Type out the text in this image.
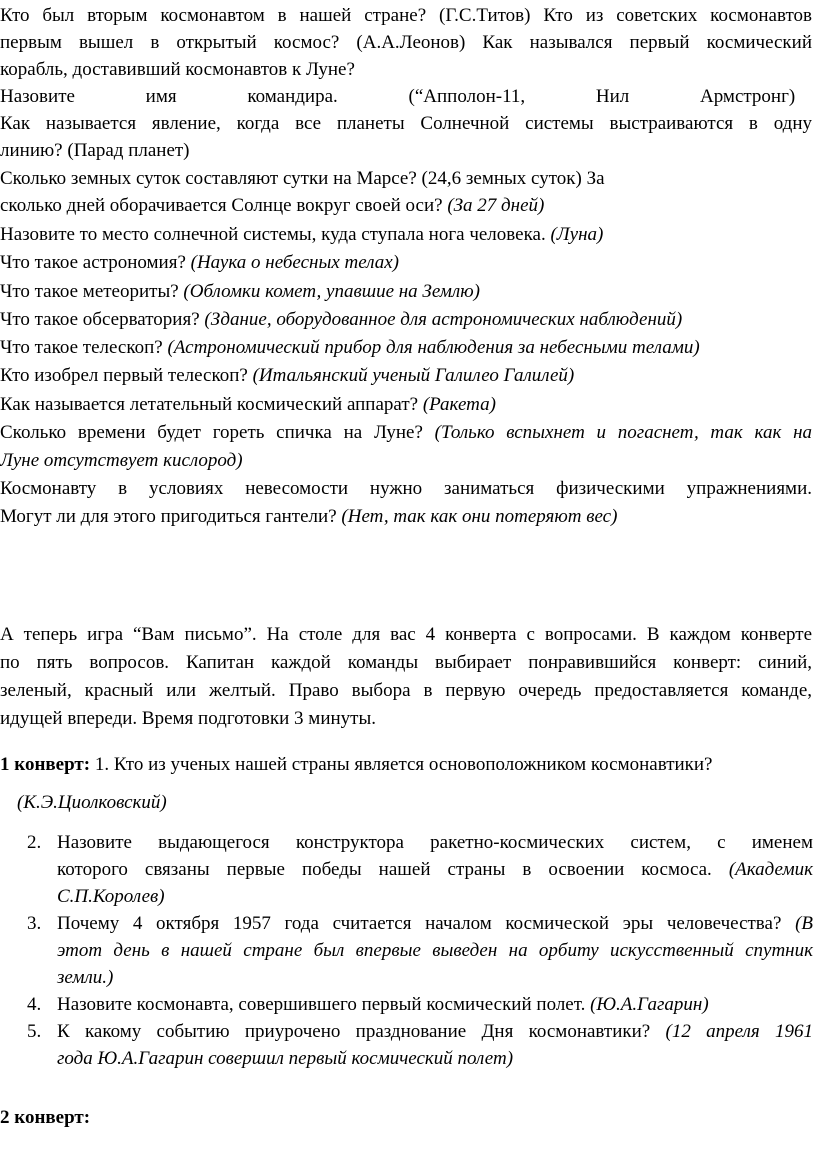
Кто был вторым космонавтом в нашей стране? (Г.С.Титов) Кто из советских космонавтов

первым вышел в открытый космос? (А.А.Леонов) Как назывался первый космический

корабль, доставивший космонавтов к Луне?

Назовите имя командира. (“Апполон-11, Нил Армстронг)

Как называется явление, когда все планеты Солнечной системы выстраиваются в одну

линию? (Парад планет)

Сколько земных суток составляют сутки на Марсе? (24,6 земных суток) За

сколько дней оборачивается Солнце вокруг своей оси? (За 27 дней)

Назовите то место солнечной системы, куда ступала нога человека. (Луна)

Что такое астрономия? (Наука о небесных телах)

Что такое метеориты? (Обломки комет, упавшие на Землю)

Что такое обсерватория? (Здание, оборудованное для астрономических наблюдений)

Что такое телескоп? (Астрономический прибор для наблюдения за небесными телами)

Кто изобрел первый телескоп? (Итальянский ученый Галилео Галилей)

Как называется летательный космический аппарат? (Ракета)

Сколько времени будет гореть спичка на Луне? (Только вспыхнет и погаснет, так как на

Луне отсутствует кислород)

Космонавту в условиях невесомости нужно заниматься физическими упражнениями.

Могут ли для этого пригодиться гантели? (Нет, так как они потеряют вес)

А теперь игра “Вам письмо”. На столе для вас 4 конверта с вопросами. В каждом конверте

по пять вопросов. Капитан каждой команды выбирает понравившийся конверт: синий,

зеленый, красный или желтый. Право выбора в первую очередь предоставляется команде,

идущей впереди. Время подготовки 3 минуты.

1 конверт: 1. Кто из ученых нашей страны является основоположником космонавтики?

(К.Э.Циолковский)

2. Назовите выдающегося конструктора ракетно-космических систем, с именем

которого связаны первые победы нашей страны в освоении космоса. (Академик

С.П.Королев)

3. Почему 4 октября 1957 года считается началом космической эры человечества? (В

этот день в нашей стране был впервые выведен на орбиту искусственный спутник

земли.)

4. Назовите космонавта, совершившего первый космический полет. (Ю.А.Гагарин)

5. К какому событию приурочено празднование Дня космонавтики? (12 апреля 1961

года Ю.А.Гагарин совершил первый космический полет)

2 конверт:
